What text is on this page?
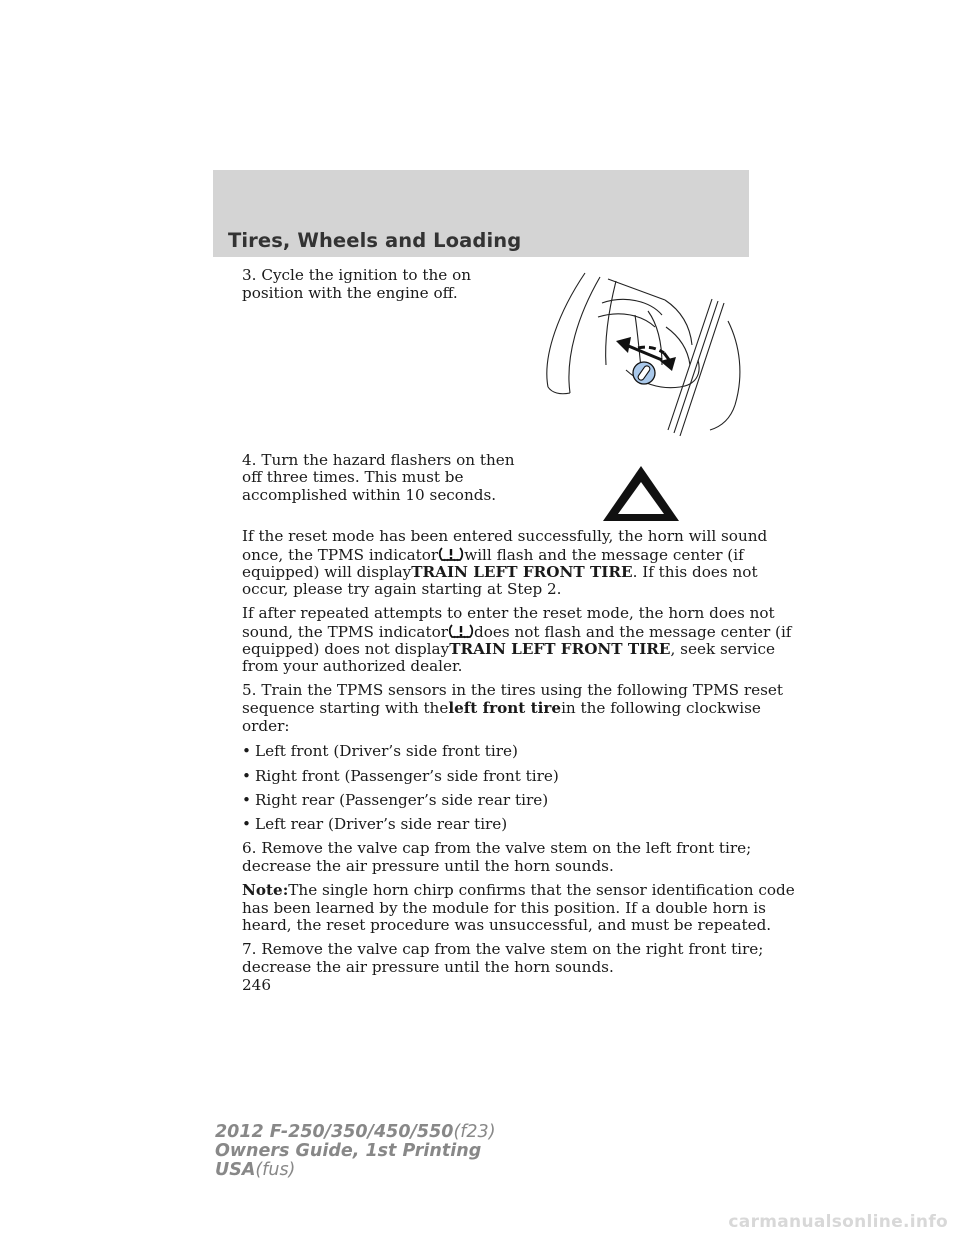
Tires, Wheels and Loading
3. Cycle the ignition to the on
position with the engine off.
4. Turn the hazard flashers on then
off three times. This must be
accomplished within 10 seconds.
If the reset mode has been entered successfully, the horn will sound
once, the TPMS indicator will flash and the message center (if
equipped) will displayTRAIN LEFT FRONT TIRE. If this does not
occur, please try again starting at Step 2.
If after repeated attempts to enter the reset mode, the horn does not
sound, the TPMS indicator does not flash and the message center (if
equipped) does not displayTRAIN LEFT FRONT TIRE, seek service
from your authorized dealer.
5. Train the TPMS sensors in the tires using the following TPMS reset
sequence starting with theleft front tirein the following clockwise
order:
• Left front (Driver’s side front tire)
• Right front (Passenger’s side front tire)
• Right rear (Passenger’s side rear tire)
• Left rear (Driver’s side rear tire)
6. Remove the valve cap from the valve stem on the left front tire;
decrease the air pressure until the horn sounds.
Note:The single horn chirp confirms that the sensor identification code
has been learned by the module for this position. If a double horn is
heard, the reset procedure was unsuccessful, and must be repeated.
7. Remove the valve cap from the valve stem on the right front tire;
decrease the air pressure until the horn sounds.
246
2012 F-250/350/450/550(f23)
Owners Guide, 1st Printing
USA(fus)
carmanualsonline.info
